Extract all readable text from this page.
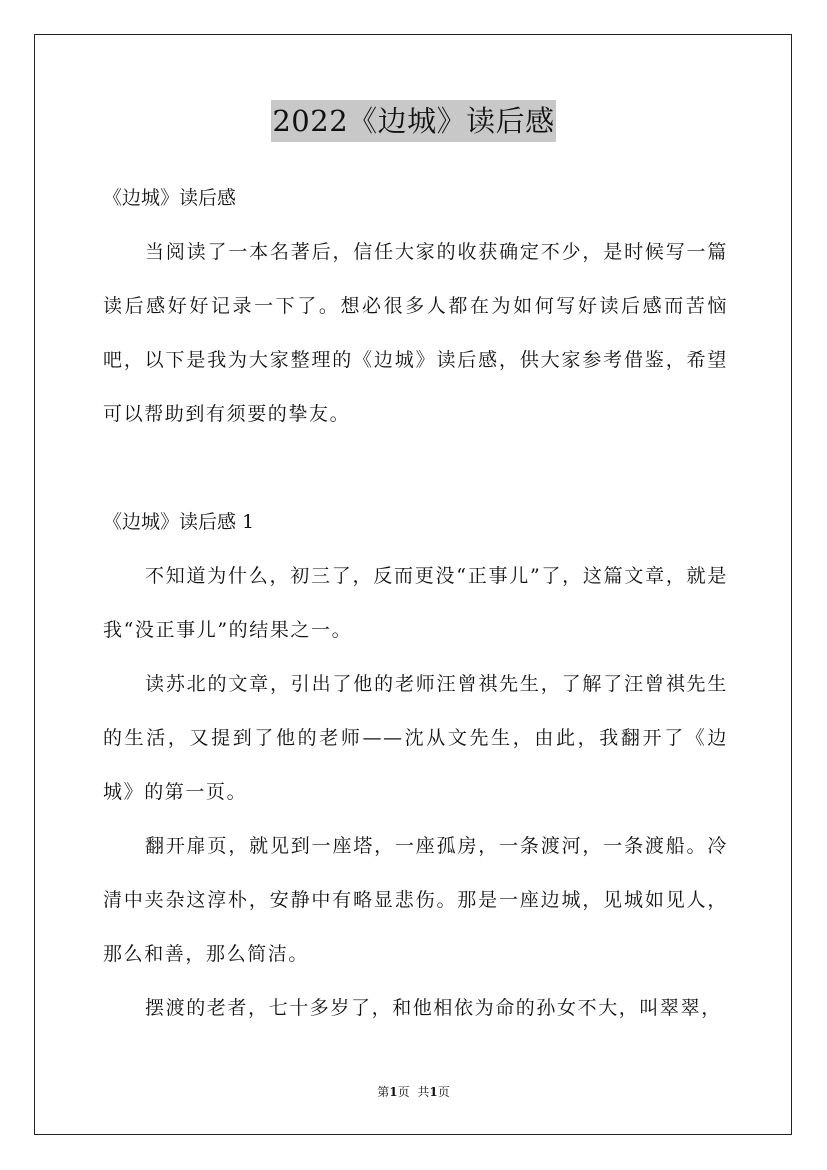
2022《边城》读后感

《边城》读后感

当阅读了一本名著后，信任大家的收获确定不少，是时候写一篇读后感好好记录一下了。想必很多人都在为如何写好读后感而苦恼吧，以下是我为大家整理的《边城》读后感，供大家参考借鉴，希望可以帮助到有须要的挚友。

《边城》读后感 1

不知道为什么，初三了，反而更没“正事儿”了，这篇文章，就是我“没正事儿”的结果之一。

读苏北的文章，引出了他的老师汪曾祺先生，了解了汪曾祺先生的生活，又提到了他的老师——沈从文先生，由此，我翻开了《边城》的第一页。

翻开扉页，就见到一座塔，一座孤房，一条渡河，一条渡船。冷清中夹杂这淳朴，安静中有略显悲伤。那是一座边城，见城如见人，那么和善，那么简洁。

摆渡的老者，七十多岁了，和他相依为命的孙女不大，叫翠翠，

第1页 共1页
